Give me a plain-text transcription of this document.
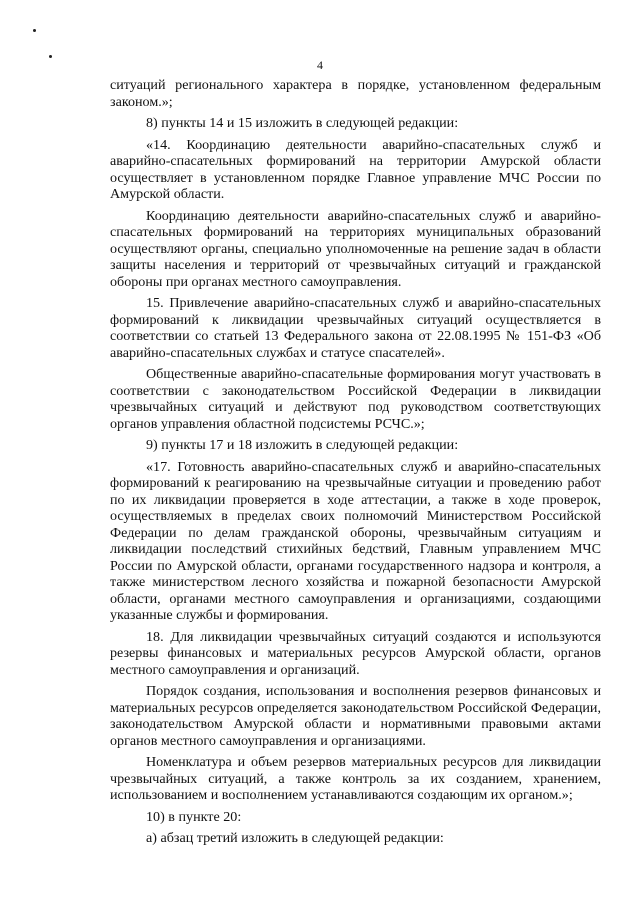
4

ситуаций регионального характера в порядке, установленном федеральным законом.»;

8) пункты 14 и 15 изложить в следующей редакции:

«14. Координацию деятельности аварийно-спасательных служб и аварийно-спасательных формирований на территории Амурской области осуществляет в установленном порядке Главное управление МЧС России по Амурской области.

Координацию деятельности аварийно-спасательных служб и аварийно-спасательных формирований на территориях муниципальных образований осуществляют органы, специально уполномоченные на решение задач в области защиты населения и территорий от чрезвычайных ситуаций и гражданской обороны при органах местного самоуправления.

15. Привлечение аварийно-спасательных служб и аварийно-спасательных формирований к ликвидации чрезвычайных ситуаций осуществляется в соответствии со статьей 13 Федерального закона от 22.08.1995 № 151-ФЗ «Об аварийно-спасательных службах и статусе спасателей».

Общественные аварийно-спасательные формирования могут участвовать в соответствии с законодательством Российской Федерации в ликвидации чрезвычайных ситуаций и действуют под руководством соответствующих органов управления областной подсистемы РСЧС.»;

9) пункты 17 и 18 изложить в следующей редакции:

«17. Готовность аварийно-спасательных служб и аварийно-спасательных формирований к реагированию на чрезвычайные ситуации и проведению работ по их ликвидации проверяется в ходе аттестации, а также в ходе проверок, осуществляемых в пределах своих полномочий Министерством Российской Федерации по делам гражданской обороны, чрезвычайным ситуациям и ликвидации последствий стихийных бедствий, Главным управлением МЧС России по Амурской области, органами государственного надзора и контроля, а также министерством лесного хозяйства и пожарной безопасности Амурской области, органами местного самоуправления и организациями, создающими указанные службы и формирования.

18. Для ликвидации чрезвычайных ситуаций создаются и используются резервы финансовых и материальных ресурсов Амурской области, органов местного самоуправления и организаций.

Порядок создания, использования и восполнения резервов финансовых и материальных ресурсов определяется законодательством Российской Федерации, законодательством Амурской области и нормативными правовыми актами органов местного самоуправления и организациями.

Номенклатура и объем резервов материальных ресурсов для ликвидации чрезвычайных ситуаций, а также контроль за их созданием, хранением, использованием и восполнением устанавливаются создающим их органом.»;

10) в пункте 20:

а) абзац третий изложить в следующей редакции:
